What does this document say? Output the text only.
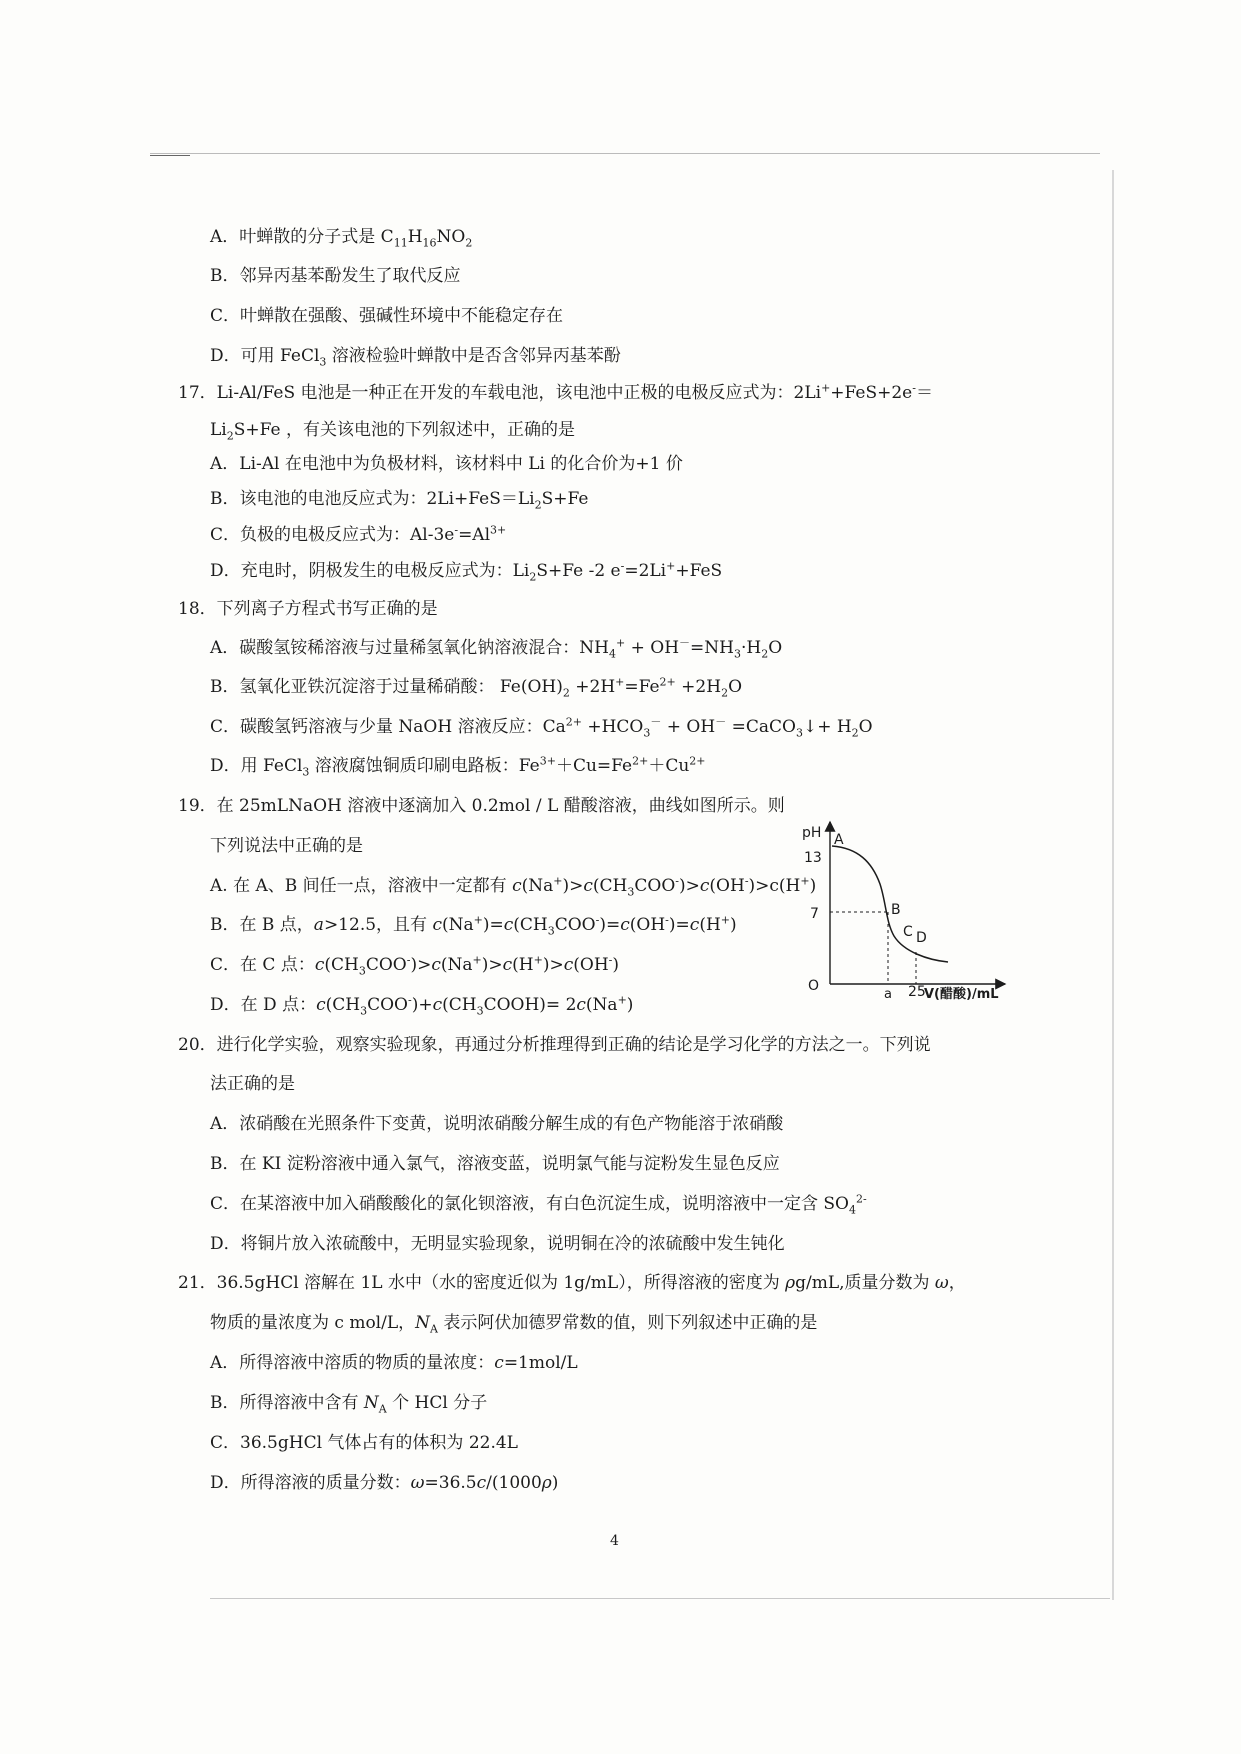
A．叶蝉散的分子式是 $C_{11}H_{16}NO_2$
B．邻异丙基苯酚发生了取代反应
C．叶蝉散在强酸、强碱性环境中不能稳定存在
D．可用 FeCl$_3$ 溶液检验叶蝉散中是否含邻异丙基苯酚
17．Li-Al/FeS 电池是一种正在开发的车载电池，该电池中正极的电极反应式为：2Li++FeS+2e-＝
$Li_2S+Fe$ ，有关该电池的下列叙述中，正确的是
A．Li-Al 在电池中为负极材料，该材料中 Li 的化合价为+1 价
B．该电池的电池反应式为：$2Li+FeS=Li_2S+Fe$
C．负极的电极反应式为：$Al-3e^-=Al^{3+}$
D．充电时，阴极发生的电极反应式为：$Li_2S+Fe$ -2 e-=2Li++FeS
18．下列离子方程式书写正确的是
A．碳酸氢铵稀溶液与过量稀氢氧化钠溶液混合：$NH_4^+ + OH^-=NH_3\cdot H_2O$
B．氢氧化亚铁沉淀溶于过量稀硝酸： $Fe(OH)_2 +2H^+=Fe^{2+} +2H_2O$
C．碳酸氢钙溶液与少量 NaOH 溶液反应：$Ca^{2+} +HCO_3^- + OH^-$ =CaCO$_3$↓+ $H_2O$
D．用 FeCl$_3$ 溶液腐蚀铜质印刷电路板：$Fe^{3+}+Cu=Fe^{2+}+Cu^{2+}$
19．在 25mLNaOH 溶液中逐滴加入 0.2mol / L 醋酸溶液，曲线如图所示。则
下列说法中正确的是
A. 在 A、B 间任一点，溶液中一定都有 $c(Na^+)>c(CH_3COO^-)>c(OH^-)>c(H^+)$
B．在 B 点，a>12.5，且有 $c(Na^+)=c(CH_3COO^-)=c(OH^-)=c(H^+)$
C．在 C 点：$c(CH_3COO^-)>c(Na^+)>c(H^+)>c(OH^-)$
D．在 D 点：$c(CH_3COO^-)+c(CH_3COOH)= 2c(Na^+)$
pH
13
7
O
a 25
V(醋酸)/mL
A
B
C D
20．进行化学实验，观察实验现象，再通过分析推理得到正确的结论是学习化学的方法之一。下列说
法正确的是
A．浓硝酸在光照条件下变黄，说明浓硝酸分解生成的有色产物能溶于浓硝酸
B．在 KI 淀粉溶液中通入氯气，溶液变蓝，说明氯气能与淀粉发生显色反应
C．在某溶液中加入硝酸酸化的氯化钡溶液，有白色沉淀生成，说明溶液中一定含 $SO_4^{2-}$
D．将铜片放入浓硫酸中，无明显实验现象，说明铜在冷的浓硫酸中发生钝化
21．36.5gHCl 溶解在 1L 水中（水的密度近似为 1g/mL），所得溶液的密度为 ρg/mL,质量分数为 ω，
物质的量浓度为 c mol/L，$N_A$ 表示阿伏加德罗常数的值，则下列叙述中正确的是
A．所得溶液中溶质的物质的量浓度：c=1mol/L
B．所得溶液中含有 $N_A$ 个 HCl 分子
C．36.5gHCl 气体占有的体积为 22.4L
D．所得溶液的质量分数：ω=36.5c/(1000ρ)
4
